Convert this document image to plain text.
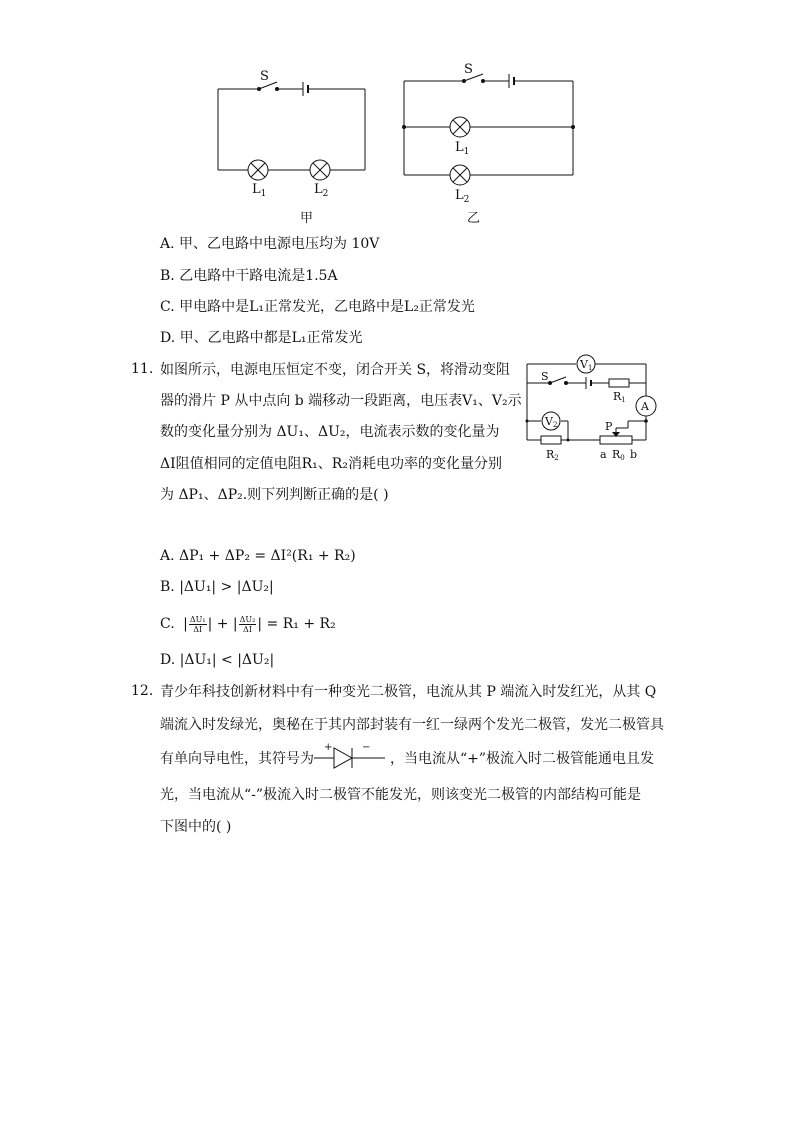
S
$L_1$	$L_2$
甲
S
$L_1$
$L_2$
乙
A. 甲、乙电路中电源电压均为 10V
B. 乙电路中干路电流是1.5A
C. 甲电路中是L₁正常发光，乙电路中是L₂正常发光
D. 甲、乙电路中都是L₁正常发光
11. 如图所示，电源电压恒定不变，闭合开关 S，将滑动变阻
器的滑片 P 从中点向 b 端移动一段距离，电压表V₁、V₂示
数的变化量分别为 ΔU₁、ΔU₂，电流表示数的变化量为
ΔI阻值相同的定值电阻R₁、R₂消耗电功率的变化量分别
为 ΔP₁、ΔP₂.则下列判断正确的是( )
V1
S
R1 A
V2	P
R2	a R0 b
A. ΔP₁ + ΔP₂ = ΔI²(R₁ + R₂)
B. |ΔU₁| > |ΔU₂|
C. | $\frac{\text{ΔU₁}}{\Delta I}$ | + | $\frac{\text{ΔU₂}}{\Delta I}$ | = R₁ + R₂
D. |ΔU₁| < |ΔU₂|
12. 青少年科技创新材料中有一种变光二极管，电流从其 P 端流入时发红光，从其 Q
端流入时发绿光，奥秘在于其内部封装有一红一绿两个发光二极管，发光二极管具
有单向导电性，其符号为
+	−
，当电流从“+”极流入时二极管能通电且发
光，当电流从“-”极流入时二极管不能发光，则该变光二极管的内部结构可能是
下图中的( )
